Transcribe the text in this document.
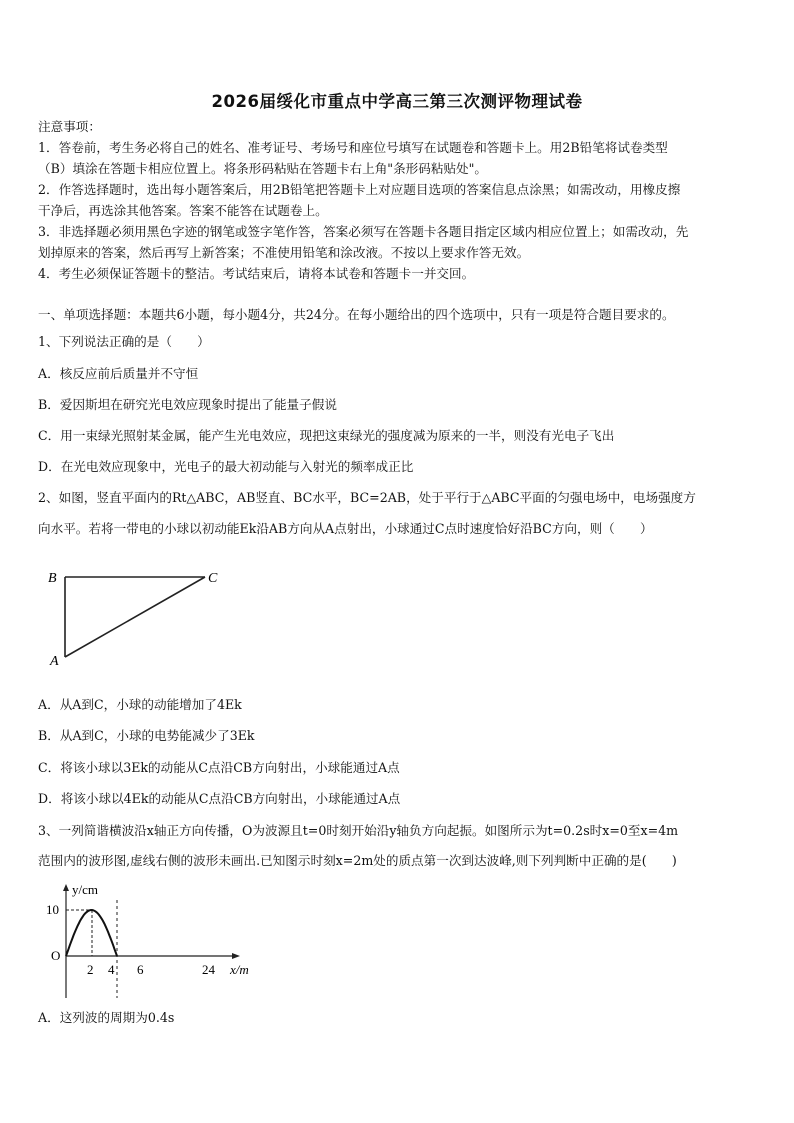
2026届绥化市重点中学高三第三次测评物理试卷
注意事项：
1．答卷前，考生务必将自己的姓名、准考证号、考场号和座位号填写在试题卷和答题卡上。用2B铅笔将试卷类型
（B）填涂在答题卡相应位置上。将条形码粘贴在答题卡右上角"条形码粘贴处"。
2．作答选择题时，选出每小题答案后，用2B铅笔把答题卡上对应题目选项的答案信息点涂黑；如需改动，用橡皮擦
干净后，再选涂其他答案。答案不能答在试题卷上。
3．非选择题必须用黑色字迹的钢笔或签字笔作答，答案必须写在答题卡各题目指定区域内相应位置上；如需改动，先
划掉原来的答案，然后再写上新答案；不准使用铅笔和涂改液。不按以上要求作答无效。
4．考生必须保证答题卡的整洁。考试结束后，请将本试卷和答题卡一并交回。
一、单项选择题：本题共6小题，每小题4分，共24分。在每小题给出的四个选项中，只有一项是符合题目要求的。
1、下列说法正确的是（　　）
A．核反应前后质量并不守恒
B．爱因斯坦在研究光电效应现象时提出了能量子假说
C．用一束绿光照射某金属，能产生光电效应，现把这束绿光的强度减为原来的一半，则没有光电子飞出
D．在光电效应现象中，光电子的最大初动能与入射光的频率成正比
2、如图，竖直平面内的Rt△ABC，AB竖直、BC水平，BC=2AB，处于平行于△ABC平面的匀强电场中，电场强度方
向水平。若将一带电的小球以初动能Ek沿AB方向从A点射出，小球通过C点时速度恰好沿BC方向，则（　　）
B	C
A
A．从A到C，小球的动能增加了4Ek
B．从A到C，小球的电势能减少了3Ek
C．将该小球以3Ek的动能从C点沿CB方向射出，小球能通过A点
D．将该小球以4Ek的动能从C点沿CB方向射出，小球能通过A点
3、一列简谐横波沿x轴正方向传播，O为波源且t=0时刻开始沿y轴负方向起振。如图所示为t=0.2s时x=0至x=4m
范围内的波形图,虚线右侧的波形未画出.已知图示时刻x=2m处的质点第一次到达波峰,则下列判断中正确的是(　　)
y/cm
10
O
2 4 6	24 x/m
A．这列波的周期为0.4s
